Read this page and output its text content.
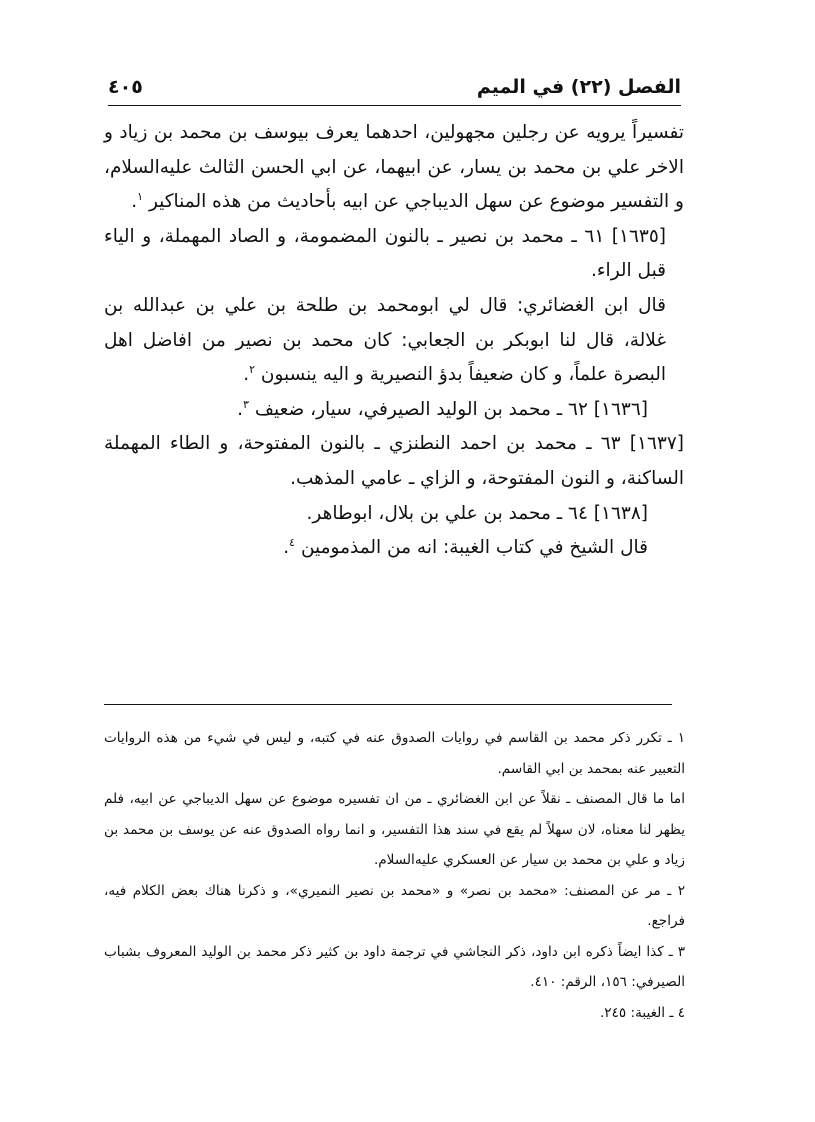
الفصل (٢٢) في الميم
٤٠٥

تفسيراً يرويه عن رجلين مجهولين، احدهما يعرف بيوسف بن محمد بن زياد و الاخر علي بن محمد بن يسار، عن ابيهما، عن ابي الحسن الثالث عليه‌السلام، و التفسير موضوع عن سهل الديباجي عن ابيه بأحاديث من هذه المناكير $^١$.

[١٦٣٥] ٦١ ـ محمد بن نصير ـ بالنون المضمومة، و الصاد المهملة، و الياء قبل الراء.

قال ابن الغضائري: قال لي ابومحمد بن طلحة بن علي بن عبدالله بن غلالة، قال لنا ابوبكر بن الجعابي: كان محمد بن نصير من افاضل اهل البصرة علماً، و كان ضعيفاً بدؤ النصيرية و اليه ينسبون $^٢$.

[١٦٣٦] ٦٢ ـ محمد بن الوليد الصيرفي، سيار، ضعيف $^٣$.

[١٦٣٧] ٦٣ ـ محمد بن احمد النطنزي ـ بالنون المفتوحة، و الطاء المهملة الساكنة، و النون المفتوحة، و الزاي ـ عامي المذهب.

[١٦٣٨] ٦٤ ـ محمد بن علي بن بلال، ابوطاهر.

قال الشيخ في كتاب الغيبة: انه من المذمومين $^٤$.

١ ـ تكرر ذكر محمد بن القاسم في روايات الصدوق عنه في كتبه، و ليس في شيء من هذه الروايات التعبير عنه بمحمد بن ابي القاسم.

اما ما قال المصنف ـ نقلاً عن ابن الغضائري ـ من ان تفسيره موضوع عن سهل الديباجي عن ابيه، فلم يظهر لنا معناه، لان سهلاً لم يقع في سند هذا التفسير، و انما رواه الصدوق عنه عن يوسف بن محمد بن زياد و علي بن محمد بن سيار عن العسكري عليه‌السلام.

٢ ـ مر عن المصنف: «محمد بن نصر» و «محمد بن نصير النميري»، و ذكرنا هناك بعض الكلام فيه، فراجع.

٣ ـ كذا ايضاً ذكره ابن داود، ذكر النجاشي في ترجمة داود بن كثير ذكر محمد بن الوليد المعروف بشباب الصيرفي: ١٥٦، الرقم: ٤١٠.

٤ ـ الغيبة: ٢٤٥.
